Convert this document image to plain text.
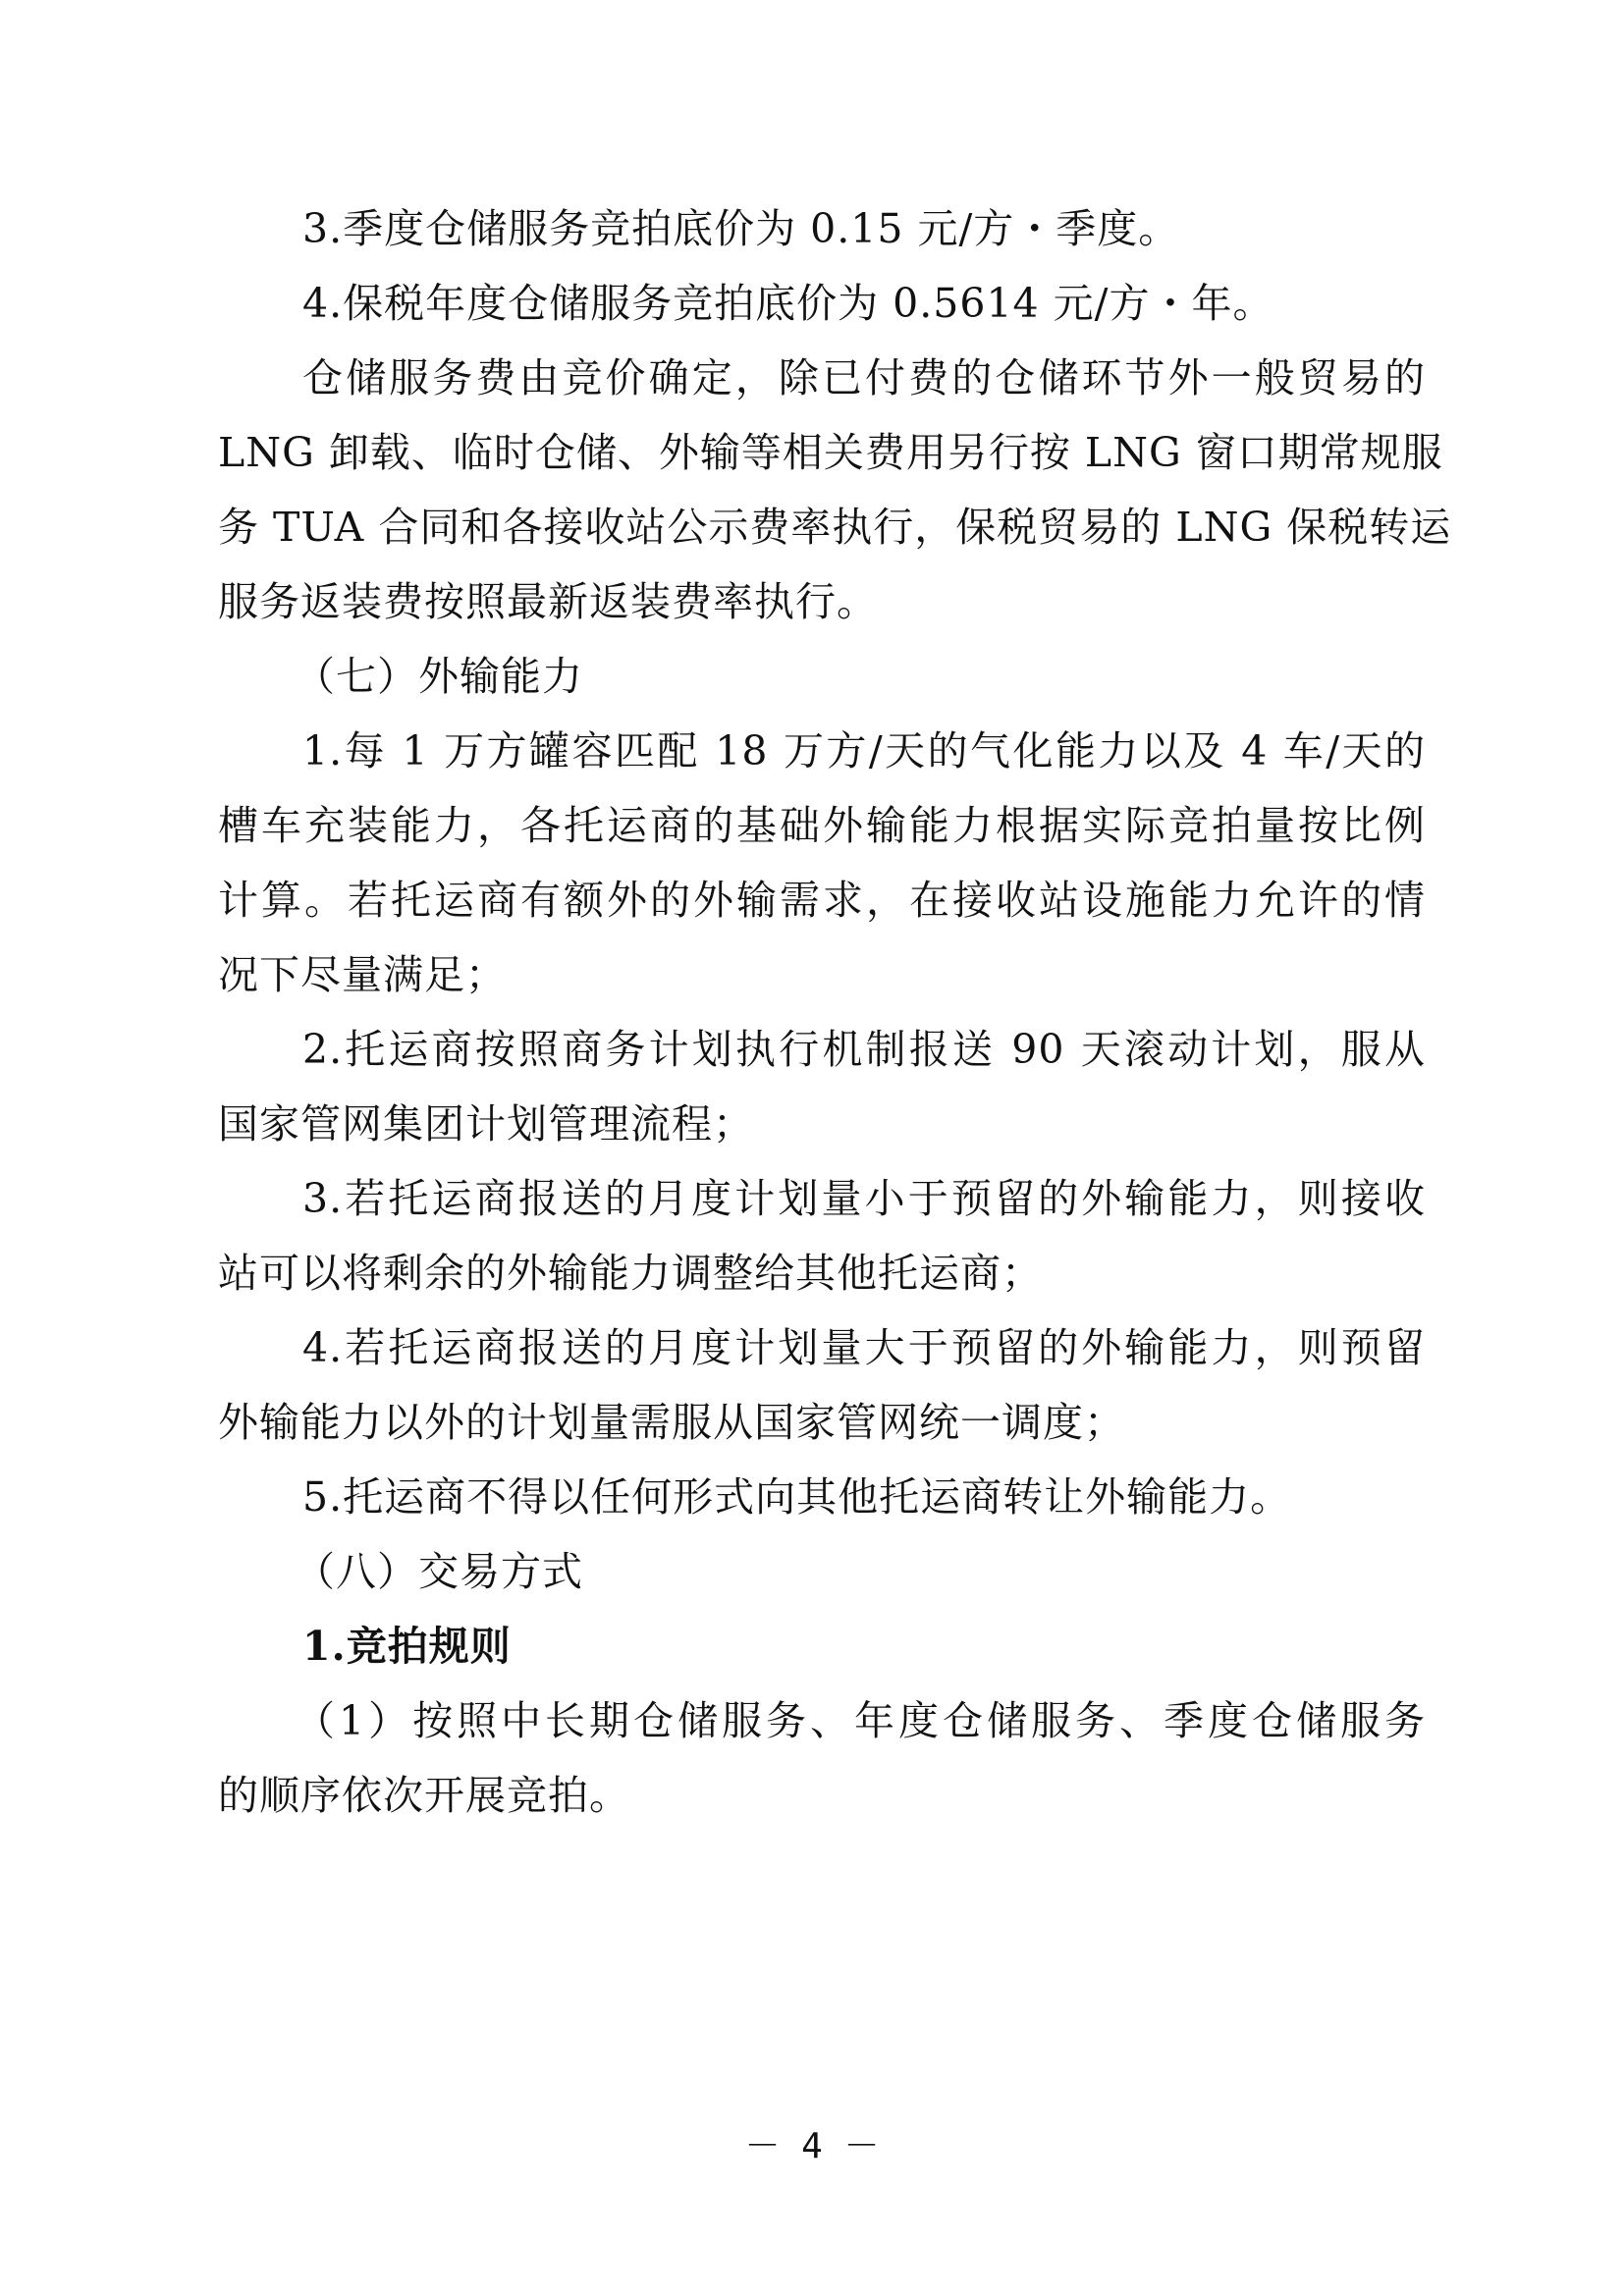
3.季度仓储服务竞拍底价为 0.15 元/方・季度。
4.保税年度仓储服务竞拍底价为 0.5614 元/方・年。
仓储服务费由竞价确定，除已付费的仓储环节外一般贸易的
LNG 卸载、临时仓储、外输等相关费用另行按 LNG 窗口期常规服
务 TUA 合同和各接收站公示费率执行，保税贸易的 LNG 保税转运
服务返装费按照最新返装费率执行。
（七）外输能力
1.每 1 万方罐容匹配 18 万方/天的气化能力以及 4 车/天的
槽车充装能力，各托运商的基础外输能力根据实际竞拍量按比例
计算。若托运商有额外的外输需求，在接收站设施能力允许的情
况下尽量满足；
2.托运商按照商务计划执行机制报送 90 天滚动计划，服从
国家管网集团计划管理流程；
3.若托运商报送的月度计划量小于预留的外输能力，则接收
站可以将剩余的外输能力调整给其他托运商；
4.若托运商报送的月度计划量大于预留的外输能力，则预留
外输能力以外的计划量需服从国家管网统一调度；
5.托运商不得以任何形式向其他托运商转让外输能力。
（八）交易方式
1.竞拍规则
（1）按照中长期仓储服务、年度仓储服务、季度仓储服务
的顺序依次开展竞拍。
－ 4 －
